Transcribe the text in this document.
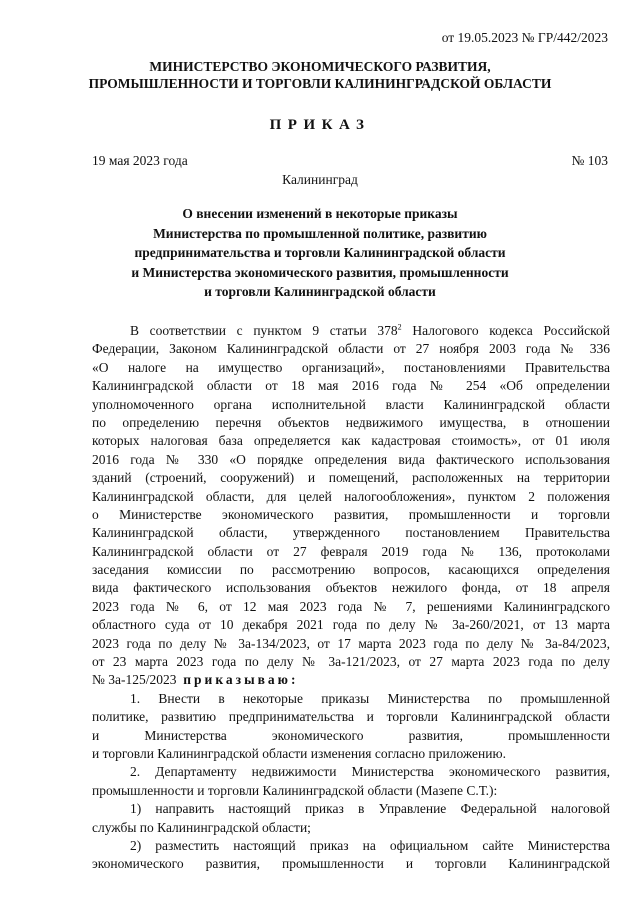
от 19.05.2023 № ГР/442/2023
МИНИСТЕРСТВО ЭКОНОМИЧЕСКОГО РАЗВИТИЯ,
ПРОМЫШЛЕННОСТИ И ТОРГОВЛИ КАЛИНИНГРАДСКОЙ ОБЛАСТИ
ПРИКАЗ
19 мая 2023 года	№ 103
Калининград
О внесении изменений в некоторые приказы
Министерства по промышленной политике, развитию
предпринимательства и торговли Калининградской области
и Министерства экономического развития, промышленности
и торговли Калининградской области
В соответствии с пунктом 9 статьи $378^2$ Налогового кодекса Российской
Федерации, Законом Калининградской области от 27 ноября 2003 года № 336
«О налоге на имущество организаций», постановлениями Правительства
Калининградской области от 18 мая 2016 года № 254 «Об определении
уполномоченного органа исполнительной власти Калининградской области
по определению перечня объектов недвижимого имущества, в отношении
которых налоговая база определяется как кадастровая стоимость», от 01 июля
2016 года № 330 «О порядке определения вида фактического использования
зданий (строений, сооружений) и помещений, расположенных на территории
Калининградской области, для целей налогообложения», пунктом 2 положения
о Министерстве экономического развития, промышленности и торговли
Калининградской области, утвержденного постановлением Правительства
Калининградской области от 27 февраля 2019 года № 136, протоколами
заседания комиссии по рассмотрению вопросов, касающихся определения
вида фактического использования объектов нежилого фонда, от 18 апреля
2023 года № 6, от 12 мая 2023 года № 7, решениями Калининградского
областного суда от 10 декабря 2021 года по делу № 3а-260/2021, от 13 марта
2023 года по делу № 3а-134/2023, от 17 марта 2023 года по делу № 3а-84/2023,
от 23 марта 2023 года по делу № 3а-121/2023, от 27 марта 2023 года по делу
№ 3а-125/2023 приказываю:
1. Внести в некоторые приказы Министерства по промышленной
политике, развитию предпринимательства и торговли Калининградской области
и Министерства экономического развития, промышленности
и торговли Калининградской области изменения согласно приложению.
2. Департаменту недвижимости Министерства экономического развития,
промышленности и торговли Калининградской области (Мазепе С.Т.):
1) направить настоящий приказ в Управление Федеральной налоговой
службы по Калининградской области;
2) разместить настоящий приказ на официальном сайте Министерства
экономического развития, промышленности и торговли Калининградской
